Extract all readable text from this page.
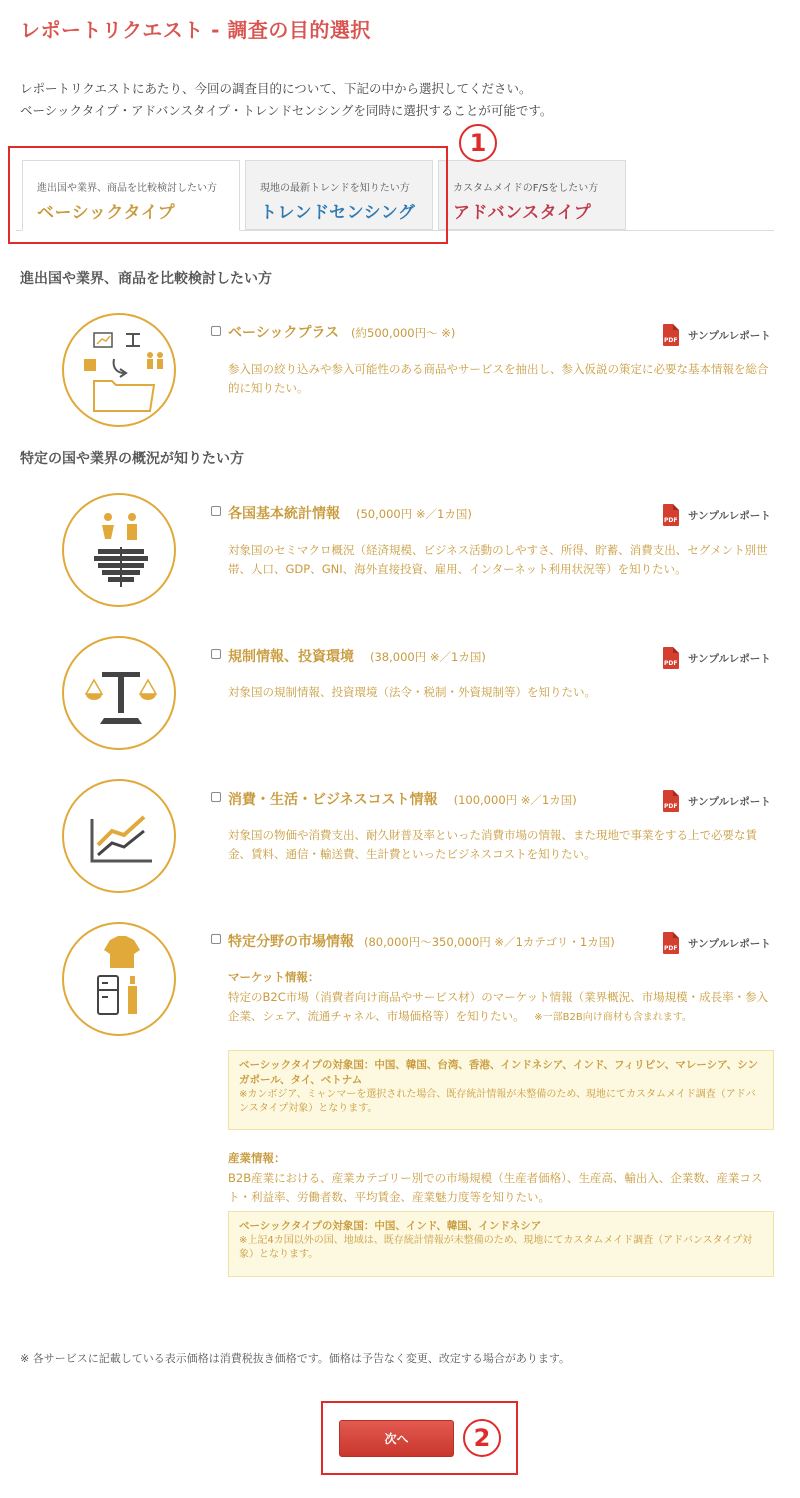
レポートリクエスト - 調査の目的選択
レポートリクエストにあたり、今回の調査目的について、下記の中から選択してください。
ベーシックタイプ・アドバンスタイプ・トレンドセンシングを同時に選択することが可能です。
進出国や業界、商品を比較検討したい方
ベーシックタイプ
現地の最新トレンドを知りたい方
トレンドセンシング
カスタムメイドのF/Sをしたい方
アドバンスタイプ
1
進出国や業界、商品を比較検討したい方
ベーシックプラス (約500,000円〜 ※)
PDF サンプルレポート
参入国の絞り込みや参入可能性のある商品やサービスを抽出し、参入仮説の策定に必要な基本情報を総合的に知りたい。
特定の国や業界の概況が知りたい方
各国基本統計情報 (50,000円 ※／1カ国)	PDF サンプルレポート
対象国のセミマクロ概況（経済規模、ビジネス活動のしやすさ、所得、貯蓄、消費支出、セグメント別世帯、人口、GDP、GNI、海外直接投資、雇用、インターネット利用状況等）を知りたい。
規制情報、投資環境 (38,000円 ※／1カ国)	PDF サンプルレポート
対象国の規制情報、投資環境（法令・税制・外資規制等）を知りたい。
消費・生活・ビジネスコスト情報 (100,000円 ※／1カ国)	PDF サンプルレポート
対象国の物価や消費支出、耐久財普及率といった消費市場の情報、また現地で事業をする上で必要な賃金、賃料、通信・輸送費、生計費といったビジネスコストを知りたい。
特定分野の市場情報 (80,000円〜350,000円 ※／1カテゴリ・1カ国)	PDF サンプルレポート
マーケット情報：
特定のB2C市場（消費者向け商品やサービス材）のマーケット情報（業界概況、市場規模・成長率・参入企業、シェア、流通チャネル、市場価格等）を知りたい。 ※一部B2B向け商材も含まれます。
ベーシックタイプの対象国：中国、韓国、台湾、香港、インドネシア、インド、フィリピン、マレーシア、シンガポール、タイ、ベトナム
※カンボジア、ミャンマーを選択された場合、既存統計情報が未整備のため、現地にてカスタムメイド調査（アドバンスタイプ対象）となります。
産業情報：
B2B産業における、産業カテゴリー別での市場規模（生産者価格）、生産高、輸出入、企業数、産業コスト・利益率、労働者数、平均賃金、産業魅力度等を知りたい。
ベーシックタイプの対象国：中国、インド、韓国、インドネシア
※上記4カ国以外の国、地域は、既存統計情報が未整備のため、現地にてカスタムメイド調査（アドバンスタイプ対象）となります。
※ 各サービスに記載している表示価格は消費税抜き価格です。価格は予告なく変更、改定する場合があります。
次へ	2
